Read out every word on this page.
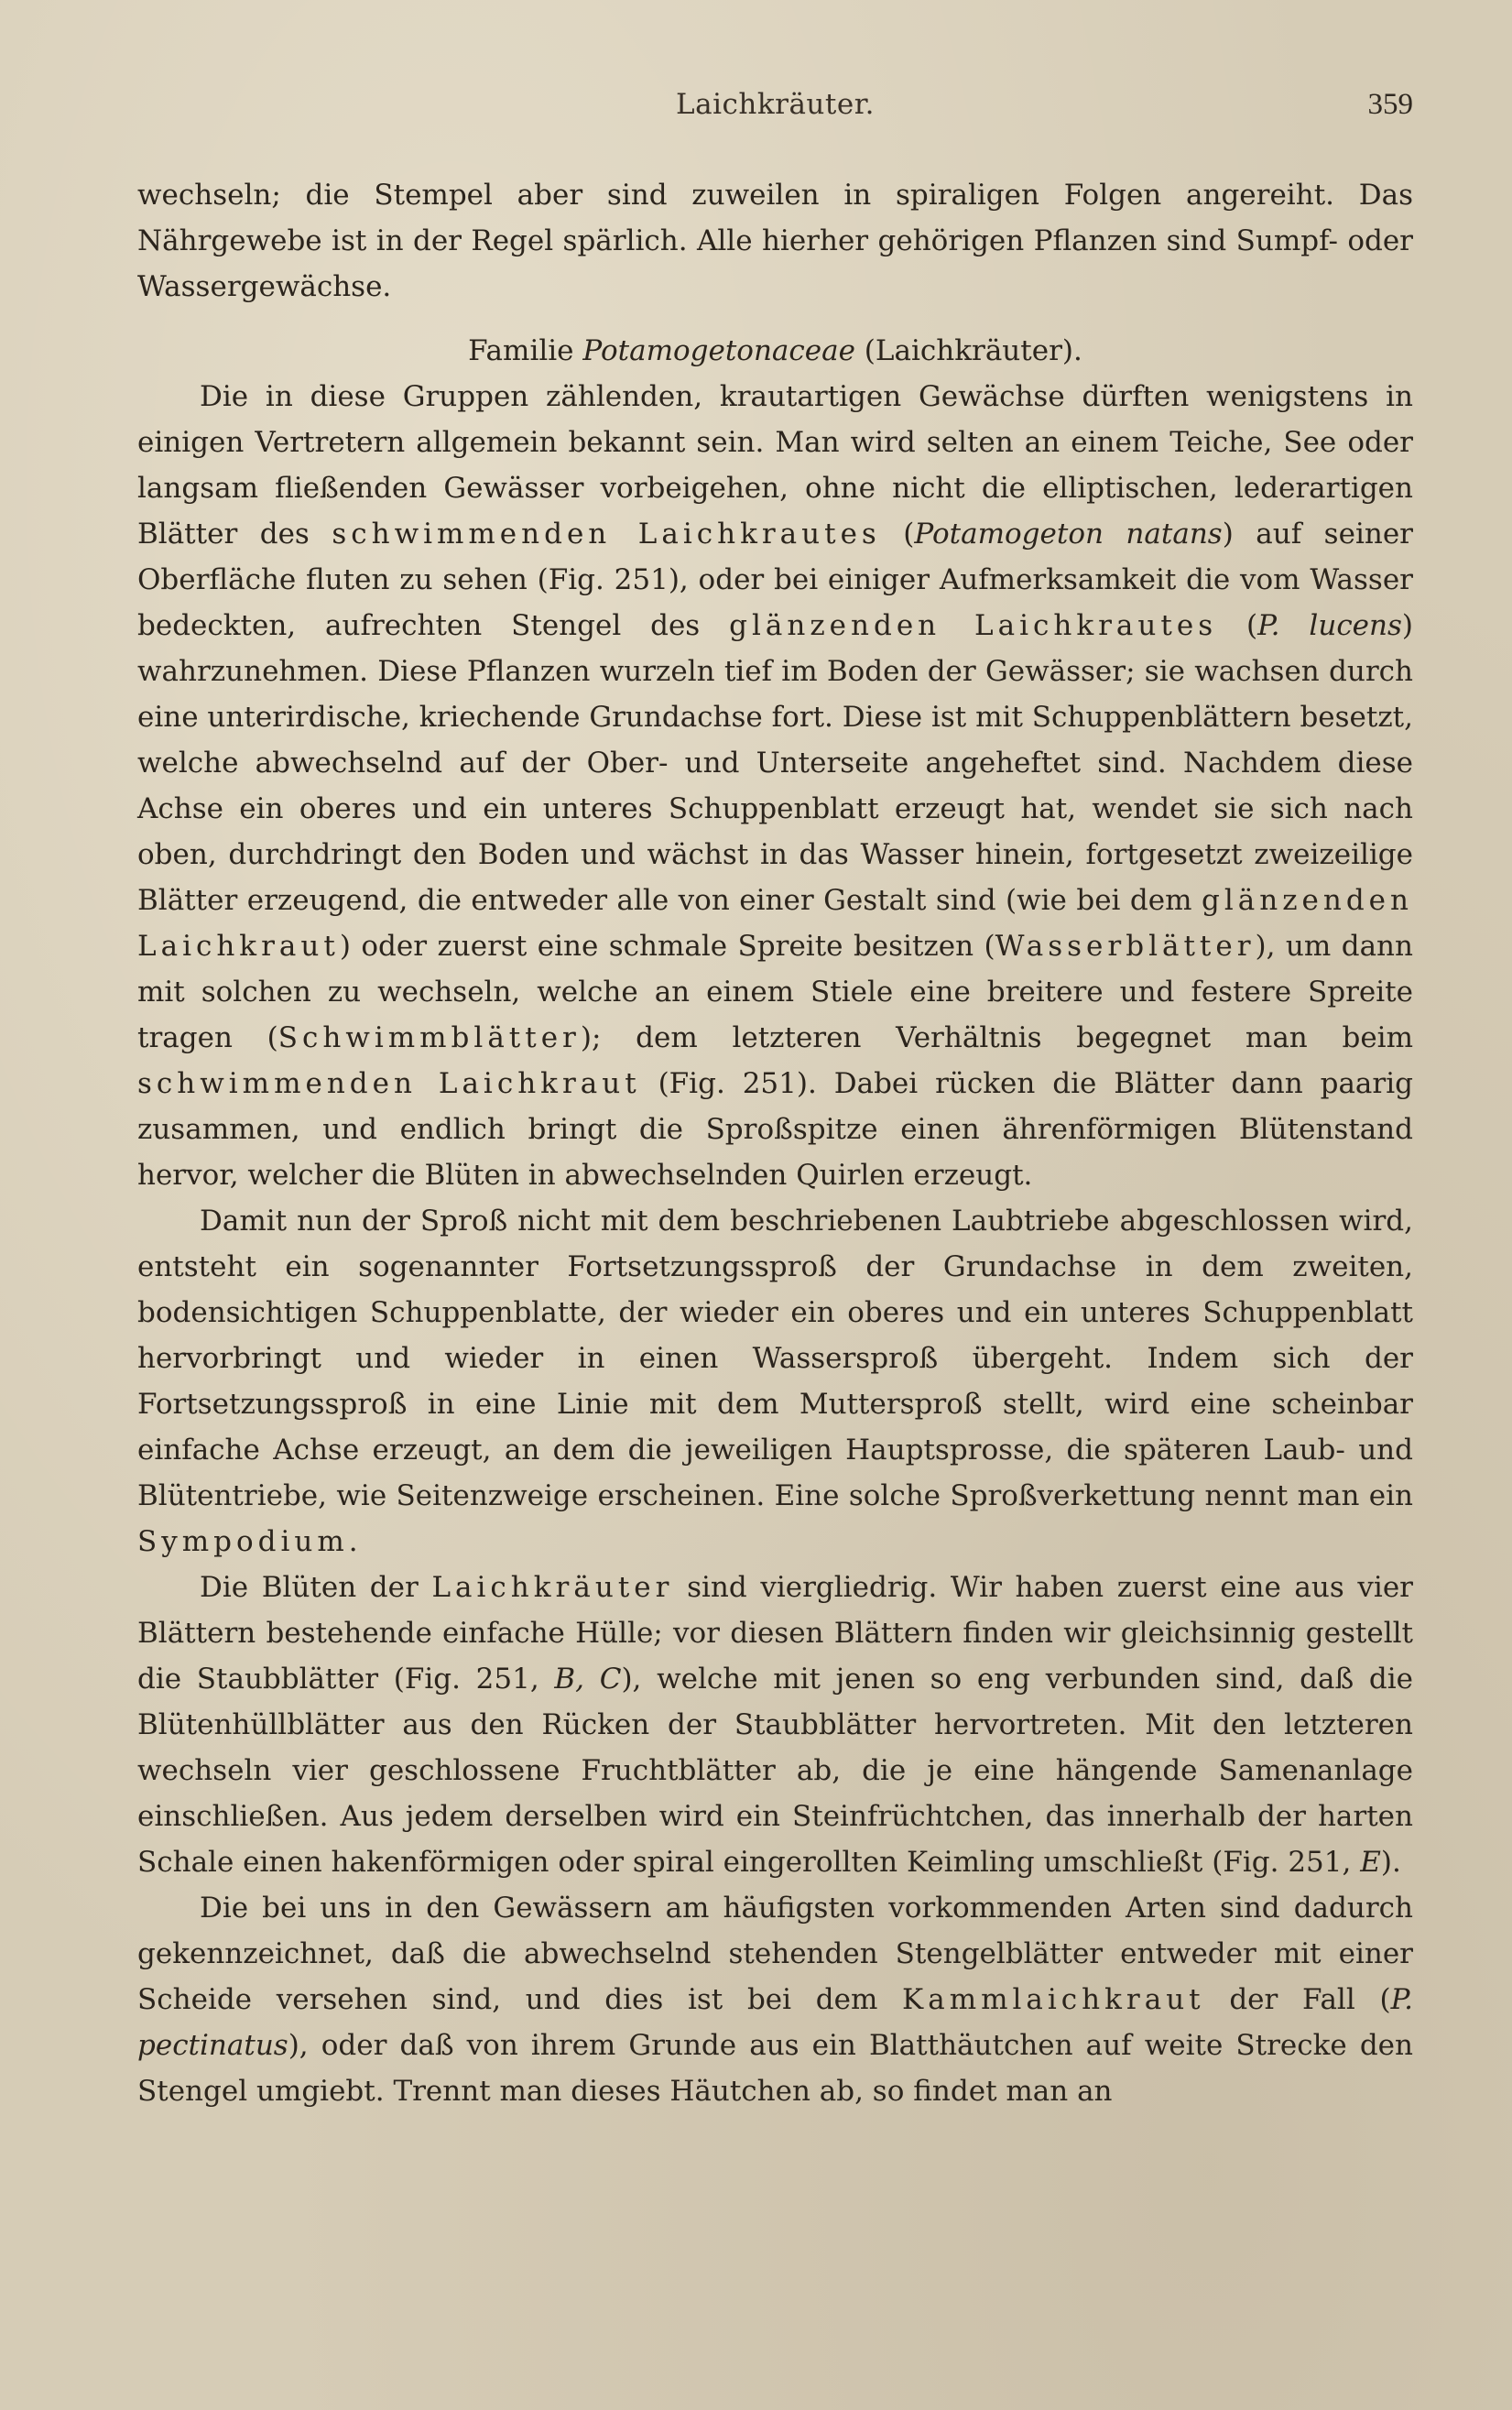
Laichkräuter.	359

wechseln; die Stempel aber sind zuweilen in spiraligen Folgen angereiht. Das Nährgewebe ist in der Regel spärlich. Alle hierher gehörigen Pflanzen sind Sumpf- oder Wassergewächse.

Familie Potamogetonaceae (Laichkräuter).

Die in diese Gruppen zählenden, krautartigen Gewächse dürften wenigstens in einigen Vertretern allgemein bekannt sein. Man wird selten an einem Teiche, See oder langsam fließenden Gewässer vorbeigehen, ohne nicht die elliptischen, lederartigen Blätter des schwimmenden Laichkrautes (Potamogeton natans) auf seiner Oberfläche fluten zu sehen (Fig. 251), oder bei einiger Aufmerksamkeit die vom Wasser bedeckten, aufrechten Stengel des glänzenden Laichkrautes (P. lucens) wahrzunehmen. Diese Pflanzen wurzeln tief im Boden der Gewässer; sie wachsen durch eine unterirdische, kriechende Grundachse fort. Diese ist mit Schuppenblättern besetzt, welche abwechselnd auf der Ober- und Unterseite angeheftet sind. Nachdem diese Achse ein oberes und ein unteres Schuppenblatt erzeugt hat, wendet sie sich nach oben, durchdringt den Boden und wächst in das Wasser hinein, fortgesetzt zweizeilige Blätter erzeugend, die entweder alle von einer Gestalt sind (wie bei dem glänzenden Laichkraut) oder zuerst eine schmale Spreite besitzen (Wasserblätter), um dann mit solchen zu wechseln, welche an einem Stiele eine breitere und festere Spreite tragen (Schwimmblätter); dem letzteren Verhältnis begegnet man beim schwimmenden Laichkraut (Fig. 251). Dabei rücken die Blätter dann paarig zusammen, und endlich bringt die Sproßspitze einen ährenförmigen Blütenstand hervor, welcher die Blüten in abwechselnden Quirlen erzeugt.

Damit nun der Sproß nicht mit dem beschriebenen Laubtriebe abgeschlossen wird, entsteht ein sogenannter Fortsetzungssproß der Grundachse in dem zweiten, bodensichtigen Schuppenblatte, der wieder ein oberes und ein unteres Schuppenblatt hervorbringt und wieder in einen Wassersproß übergeht. Indem sich der Fortsetzungssproß in eine Linie mit dem Muttersproß stellt, wird eine scheinbar einfache Achse erzeugt, an dem die jeweiligen Hauptsprosse, die späteren Laub- und Blütentriebe, wie Seitenzweige erscheinen. Eine solche Sproßverkettung nennt man ein Sympodium.

Die Blüten der Laichkräuter sind viergliedrig. Wir haben zuerst eine aus vier Blättern bestehende einfache Hülle; vor diesen Blättern finden wir gleichsinnig gestellt die Staubblätter (Fig. 251, B, C), welche mit jenen so eng verbunden sind, daß die Blütenhüllblätter aus den Rücken der Staubblätter hervortreten. Mit den letzteren wechseln vier geschlossene Fruchtblätter ab, die je eine hängende Samenanlage einschließen. Aus jedem derselben wird ein Steinfrüchtchen, das innerhalb der harten Schale einen hakenförmigen oder spiral eingerollten Keimling umschließt (Fig. 251, E).

Die bei uns in den Gewässern am häufigsten vorkommenden Arten sind dadurch gekennzeichnet, daß die abwechselnd stehenden Stengelblätter entweder mit einer Scheide versehen sind, und dies ist bei dem Kammlaichkraut der Fall (P. pectinatus), oder daß von ihrem Grunde aus ein Blatthäutchen auf weite Strecke den Stengel umgiebt. Trennt man dieses Häutchen ab, so findet man an
